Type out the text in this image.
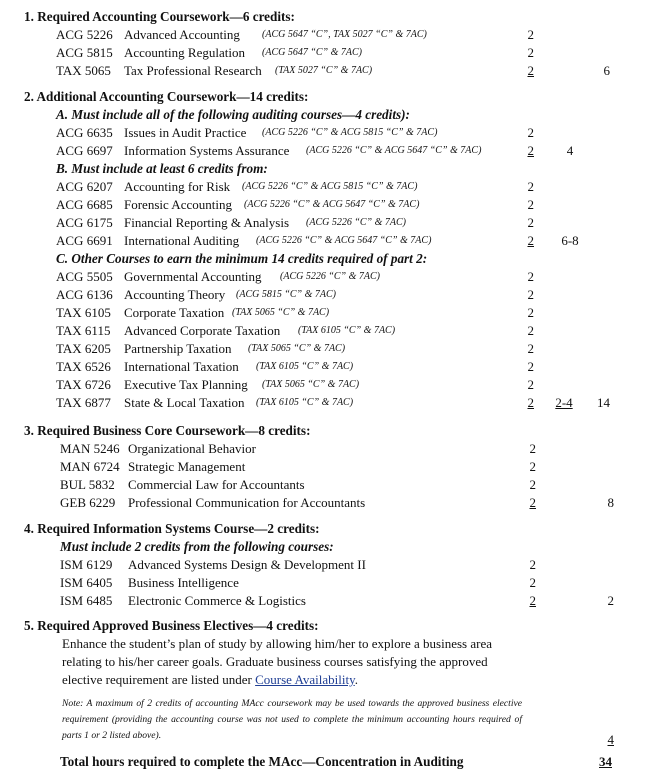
1. Required Accounting Coursework—6 credits:
ACG 5226 Advanced Accounting (ACG 5647 “C”, TAX 5027 “C” & 7AC)	2
ACG 5815 Accounting Regulation (ACG 5647 “C” & 7AC)	2
TAX 5065 Tax Professional Research (TAX 5027 “C” & 7AC)	2	6
2. Additional Accounting Coursework—14 credits:
A. Must include all of the following auditing courses—4 credits):
ACG 6635 Issues in Audit Practice (ACG 5226 “C” & ACG 5815 “C” & 7AC)	2
ACG 6697 Information Systems Assurance (ACG 5226 “C” & ACG 5647 “C” & 7AC)	2	4
B. Must include at least 6 credits from:
ACG 6207 Accounting for Risk (ACG 5226 “C” & ACG 5815 “C” & 7AC)	2
ACG 6685 Forensic Accounting (ACG 5226 “C” & ACG 5647 “C” & 7AC)	2
ACG 6175 Financial Reporting & Analysis (ACG 5226 “C” & 7AC)	2
ACG 6691 International Auditing (ACG 5226 “C” & ACG 5647 “C” & 7AC)	2	6-8
C. Other Courses to earn the minimum 14 credits required of part 2:
ACG 5505 Governmental Accounting (ACG 5226 “C” & 7AC)	2
ACG 6136 Accounting Theory (ACG 5815 “C” & 7AC)	2
TAX 6105 Corporate Taxation (TAX 5065 “C” & 7AC)	2
TAX 6115 Advanced Corporate Taxation (TAX 6105 “C” & 7AC)	2
TAX 6205 Partnership Taxation (TAX 5065 “C” & 7AC)	2
TAX 6526 International Taxation (TAX 6105 “C” & 7AC)	2
TAX 6726 Executive Tax Planning (TAX 5065 “C” & 7AC)	2
TAX 6877 State & Local Taxation (TAX 6105 “C” & 7AC)	2	2-4	14
3. Required Business Core Coursework—8 credits:
MAN 5246 Organizational Behavior	2
MAN 6724 Strategic Management	2
BUL 5832 Commercial Law for Accountants	2
GEB 6229 Professional Communication for Accountants	2	8
4. Required Information Systems Course—2 credits:
Must include 2 credits from the following courses:
ISM 6129 Advanced Systems Design & Development II	2
ISM 6405 Business Intelligence	2
ISM 6485 Electronic Commerce & Logistics	2	2
5. Required Approved Business Electives—4 credits:
Enhance the student’s plan of study by allowing him/her to explore a business area relating to his/her career goals. Graduate business courses satisfying the approved elective requirement are listed under Course Availability.
Note: A maximum of 2 credits of accounting MAcc coursework may be used towards the approved business elective requirement (providing the accounting course was not used to complete the minimum accounting hours required of parts 1 or 2 listed above).	4
Total hours required to complete the MAcc—Concentration in Auditing	34
